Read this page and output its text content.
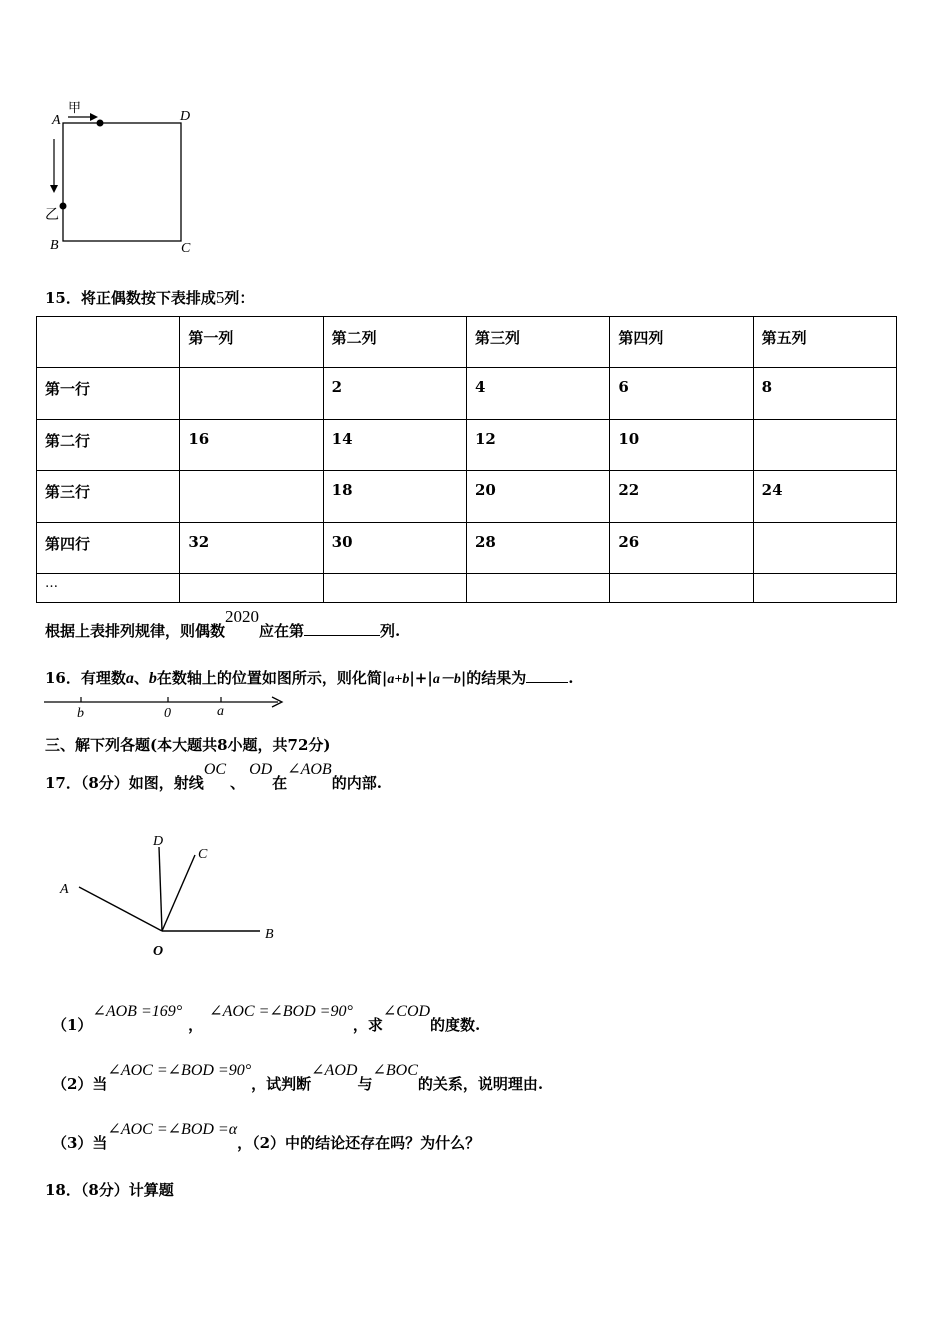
A	D
B	C
甲
乙
15．将正偶数按下表排成5列：
	第一列	第二列	第三列	第四列	第五列
第一行		2	4	6	8
第二行	16	14	12	10	
第三行		18	20	22	24
第四行	32	30	28	26	
…					
根据上表排列规律，则偶数2020应在第	列.
16．有理数a、b在数轴上的位置如图所示，则化简|a+b|+|a－b|的结果为	.
b	0	a
三、解下列各题(本大题共8小题，共72分)
17．（8分）如图，射线OC、OD在∠AOB的内部.
A
D
C
O
B
（1）∠AOB =169°，∠AOC =∠BOD =90°，求∠COD的度数.
（2）当∠AOC =∠BOD =90°，试判断∠AOD与∠BOC的关系，说明理由.
（3）当∠AOC =∠BOD =α，（2）中的结论还存在吗？为什么？
18．（8分）计算题
